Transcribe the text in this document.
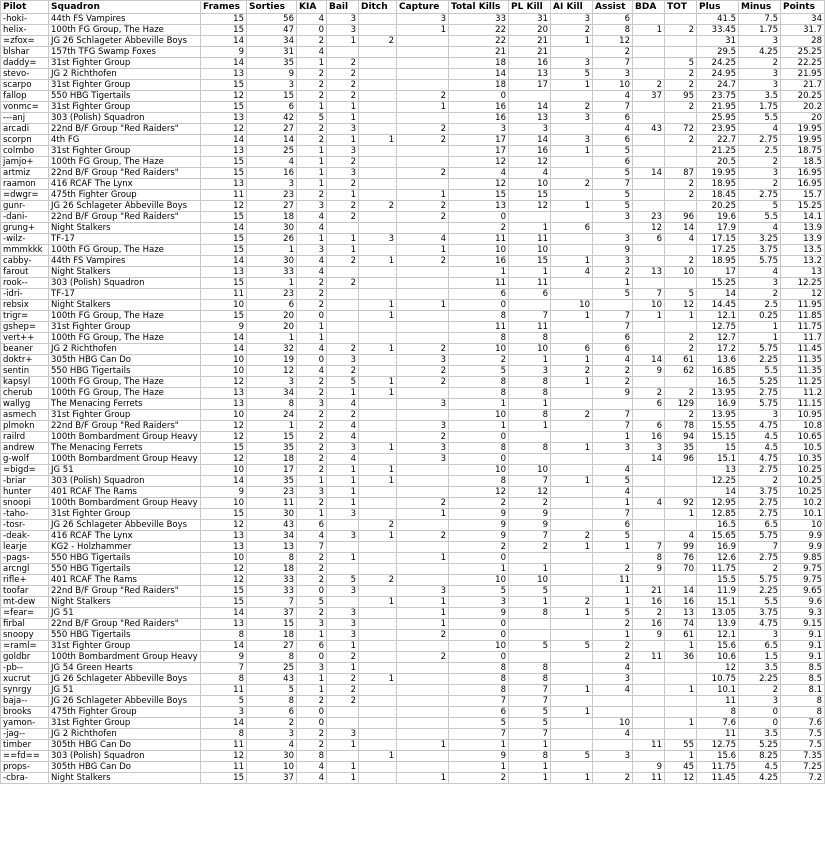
Pilot	Squadron	Frames	Sorties	KIA	Bail	Ditch	Capture	Total Kills	PL Kill	AI Kill	Assist	BDA	TOT	Plus	Minus	Points
-hoki-	44th FS Vampires	15	56	4	3		3	33	31	3	6			41.5	7.5	34
helix-	100th FG Group, The Haze	15	47	0	3		1	22	20	2	8	1	2	33.45	1.75	31.7
=zfox=	JG 26 Schlageter Abbeville Boys	14	34	2	1	2		22	21	1	12			31	3	28
blshar	157th TFG Swamp Foxes	9	31	4				21	21		2			29.5	4.25	25.25
daddy=	31st Fighter Group	14	35	1	2			18	16	3	7		5	24.25	2	22.25
stevo-	JG 2 Richthofen	13	9	2	2			14	13	5	3		2	24.95	3	21.95
scarpo	31st Fighter Group	15	3	2	2			18	17	1	10	2	2	24.7	3	21.7
fallop	550 HBG Tigertails	12	15	2	2		2	0			4	37	95	23.75	3.5	20.25
vonmc=	31st Fighter Group	15	6	1	1		1	16	14	2	7		2	21.95	1.75	20.2
---anj	303 (Polish) Squadron	13	42	5	1			16	13	3	6			25.95	5.5	20
arcadi	22nd B/F Group "Red Raiders"	12	27	2	3		2	3	3		4	43	72	23.95	4	19.95
scorpn	4th FG	14	14	2	1	1	2	17	14	3	6		2	22.7	2.75	19.95
colmbo	31st Fighter Group	13	25	1	3			17	16	1	5			21.25	2.5	18.75
jamjo+	100th FG Group, The Haze	15	4	1	2			12	12		6			20.5	2	18.5
artmiz	22nd B/F Group "Red Raiders"	15	16	1	3		2	4	4		5	14	87	19.95	3	16.95
raamon	416 RCAF The Lynx	13	3	1	2			12	10	2	7		2	18.95	2	16.95
=dwgr=	475th Fighter Group	11	23	2	1		1	15	15		5		2	18.45	2.75	15.7
gunr-	JG 26 Schlageter Abbeville Boys	12	27	3	2	2	2	13	12	1	5			20.25	5	15.25
-dani-	22nd B/F Group "Red Raiders"	15	18	4	2		2	0			3	23	96	19.6	5.5	14.1
grung+	Night Stalkers	14	30	4				2	1	6		12	14	17.9	4	13.9
-wilz-	TF-17	15	26	1	1	3	4	11	11		3	6	4	17.15	3.25	13.9
mmmkkk	100th FG Group, The Haze	15	1	3	1		1	10	10		9			17.25	3.75	13.5
cabby-	44th FS Vampires	14	30	4	2	1	2	16	15	1	3		2	18.95	5.75	13.2
farout	Night Stalkers	13	33	4				1	1	4	2	13	10	17	4	13
rook--	303 (Polish) Squadron	15	1	2	2			11	11		1			15.25	3	12.25
-idri-	TF-17	11	23	2				6	6		5	7	5	14	2	12
rebsix	Night Stalkers	10	6	2		1	1	0		10		10	12	14.45	2.5	11.95
trigr=	100th FG Group, The Haze	15	20	0		1		8	7	1	7	1	1	12.1	0.25	11.85
gshep=	31st Fighter Group	9	20	1				11	11		7			12.75	1	11.75
vert++	100th FG Group, The Haze	14	1	1				8	8		6		2	12.7	1	11.7
beaner	JG 2 Richthofen	14	32	4	2	1	2	10	10	6	6		2	17.2	5.75	11.45
doktr+	305th HBG Can Do	10	19	0	3		3	2	1	1	4	14	61	13.6	2.25	11.35
sentin	550 HBG Tigertails	10	12	4	2		2	5	3	2	2	9	62	16.85	5.5	11.35
kapsyl	100th FG Group, The Haze	12	3	2	5	1	2	8	8	1	2			16.5	5.25	11.25
cherub	100th FG Group, The Haze	13	34	2	1	1		8	8		9	2	2	13.95	2.75	11.2
wallyg	The Menacing Ferrets	13	8	3	4		3	1	1			6	129	16.9	5.75	11.15
asmech	31st Fighter Group	10	24	2	2			10	8	2	7		2	13.95	3	10.95
plmokn	22nd B/F Group "Red Raiders"	12	1	2	4		3	1	1		7	6	78	15.55	4.75	10.8
railrd	100th Bombardment Group Heavy	12	15	2	4		2	0			1	16	94	15.15	4.5	10.65
andrew	The Menacing Ferrets	15	35	2	3	1	3	8	8	1	3	3	35	15	4.5	10.5
g-wolf	100th Bombardment Group Heavy	12	18	2	4		3	0				14	96	15.1	4.75	10.35
=bigd=	JG 51	10	17	2	1	1		10	10		4			13	2.75	10.25
-briar	303 (Polish) Squadron	14	35	1	1	1		8	7	1	5			12.25	2	10.25
hunter	401 RCAF The Rams	9	23	3	1			12	12		4			14	3.75	10.25
snoopi	100th Bombardment Group Heavy	10	11	2	1		2	2	2		1	4	92	12.95	2.75	10.2
-taho-	31st Fighter Group	15	30	1	3		1	9	9		7		1	12.85	2.75	10.1
-tosr-	JG 26 Schlageter Abbeville Boys	12	43	6		2		9	9		6			16.5	6.5	10
-deak-	416 RCAF The Lynx	13	34	4	3	1	2	9	7	2	5		4	15.65	5.75	9.9
learje	KG2 - Holzhammer	13	13	7				2	2	1	1	7	99	16.9	7	9.9
-pags-	550 HBG Tigertails	10	8	2	1		1	0				8	76	12.6	2.75	9.85
arcngl	550 HBG Tigertails	12	18	2				1	1		2	9	70	11.75	2	9.75
rifle+	401 RCAF The Rams	12	33	2	5	2		10	10		11			15.5	5.75	9.75
toofar	22nd B/F Group "Red Raiders"	15	33	0	3		3	5	5		1	21	14	11.9	2.25	9.65
mt-dew	Night Stalkers	15	7	5		1	1	3	1	2	1	16	16	15.1	5.5	9.6
=fear=	JG 51	14	37	2	3		1	9	8	1	5	2	13	13.05	3.75	9.3
firbal	22nd B/F Group "Red Raiders"	13	15	3	3		1	0			2	16	74	13.9	4.75	9.15
snoopy	550 HBG Tigertails	8	18	1	3		2	0			1	9	61	12.1	3	9.1
=raml=	31st Fighter Group	14	27	6	1			10	5	5	2		1	15.6	6.5	9.1
goldbr	100th Bombardment Group Heavy	9	8	0	2		2	0			2	11	36	10.6	1.5	9.1
-pb--	JG 54 Green Hearts	7	25	3	1			8	8		4			12	3.5	8.5
xucrut	JG 26 Schlageter Abbeville Boys	8	43	1	2	1		8	8		3			10.75	2.25	8.5
synrgy	JG 51	11	5	1	2			8	7	1	4		1	10.1	2	8.1
baja--	JG 26 Schlageter Abbeville Boys	5	8	2	2			7	7					11	3	8
brooks	475th Fighter Group	3	6	0				6	5	1				8	0	8
yamon-	31st Fighter Group	14	2	0				5	5		10		1	7.6	0	7.6
-jag--	JG 2 Richthofen	8	3	2	3			7	7		4			11	3.5	7.5
timber	305th HBG Can Do	11	4	2	1		1	1	1			11	55	12.75	5.25	7.5
==fd==	303 (Polish) Squadron	12	30	8		1		9	8	5	3		1	15.6	8.25	7.35
props-	305th HBG Can Do	11	10	4	1			1	1			9	45	11.75	4.5	7.25
-cbra-	Night Stalkers	15	37	4	1		1	2	1	1	2	11	12	11.45	4.25	7.2
